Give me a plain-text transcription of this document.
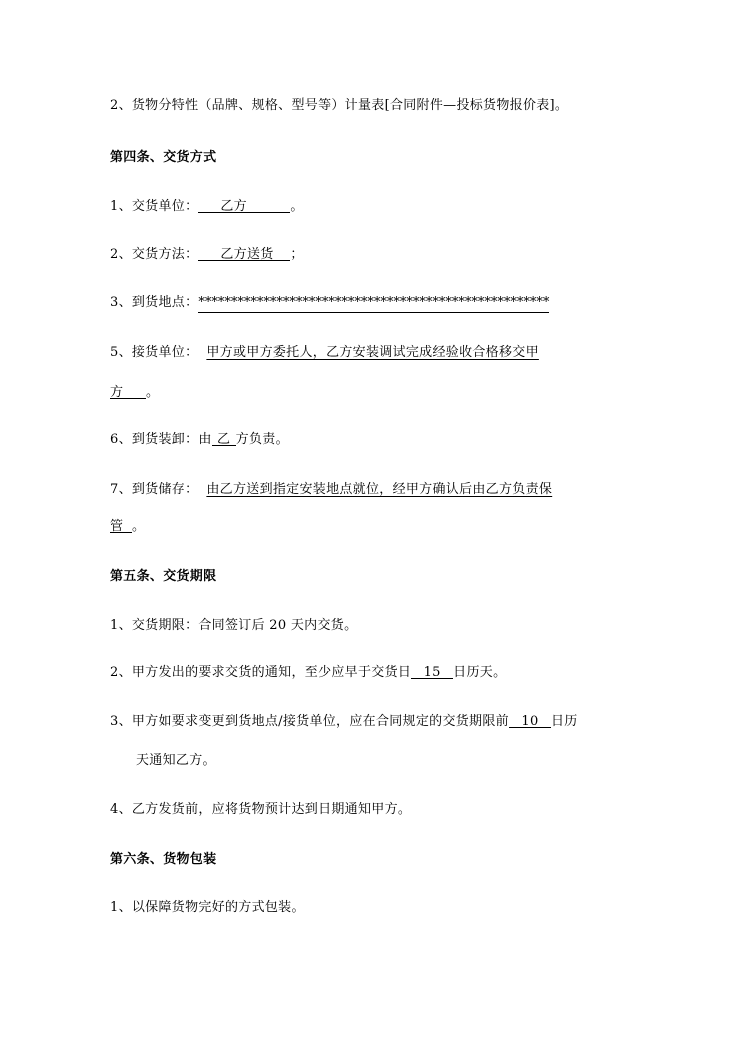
2、货物分特性（品牌、规格、型号等）计量表[合同附件—投标货物报价表]。

第四条、交货方式

1、交货单位： 乙方	。

2、交货方法： 乙方送货 ；

3、到货地点：******************************************************

5、接货单位： 甲方或甲方委托人，乙方安装调试完成经验收合格移交甲

方 。

6、到货装卸：由 乙 方负责。

7、到货储存： 由乙方送到指定安装地点就位，经甲方确认后由乙方负责保

管 。

第五条、交货期限

1、交货期限：合同签订后 20 天内交货。

2、甲方发出的要求交货的通知，至少应早于交货日 15 日历天。

3、甲方如要求变更到货地点/接货单位，应在合同规定的交货期限前 10 日历

天通知乙方。

4、乙方发货前，应将货物预计达到日期通知甲方。

第六条、货物包装

1、以保障货物完好的方式包装。
